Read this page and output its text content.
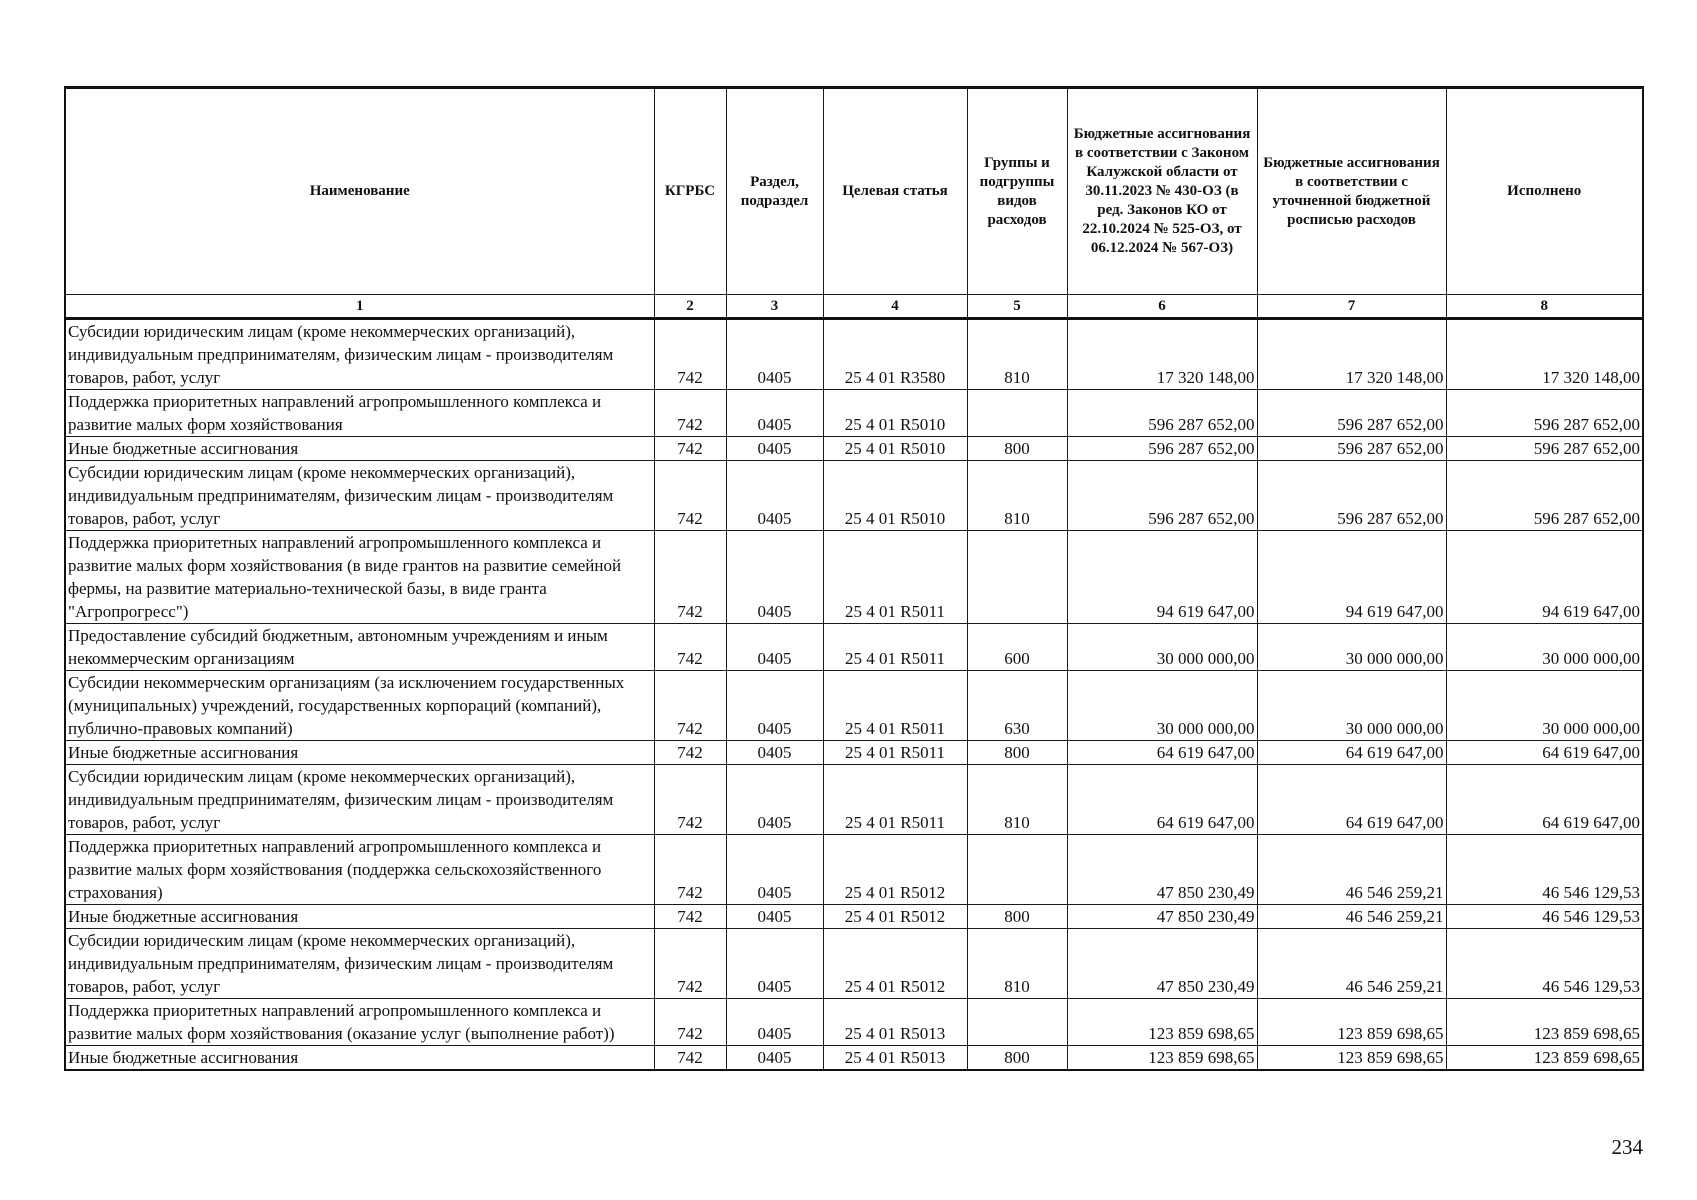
Наименование	КГРБС	Раздел, подраздел	Целевая статья	Группы и подгруппы видов расходов	Бюджетные ассигнования в соответствии с Законом Калужской области от 30.11.2023 № 430-ОЗ (в ред. Законов КО от 22.10.2024 № 525-ОЗ, от 06.12.2024 № 567-ОЗ)	Бюджетные ассигнования в соответствии с уточненной бюджетной росписью расходов	Исполнено
1	2	3	4	5	6	7	8
Субсидии юридическим лицам (кроме некоммерческих организаций), индивидуальным предпринимателям, физическим лицам - производителям товаров, работ, услуг	742	0405	25 4 01 R3580	810	17 320 148,00	17 320 148,00	17 320 148,00
Поддержка приоритетных направлений агропромышленного комплекса и развитие малых форм хозяйствования	742	0405	25 4 01 R5010		596 287 652,00	596 287 652,00	596 287 652,00
Иные бюджетные ассигнования	742	0405	25 4 01 R5010	800	596 287 652,00	596 287 652,00	596 287 652,00
Субсидии юридическим лицам (кроме некоммерческих организаций), индивидуальным предпринимателям, физическим лицам - производителям товаров, работ, услуг	742	0405	25 4 01 R5010	810	596 287 652,00	596 287 652,00	596 287 652,00
Поддержка приоритетных направлений агропромышленного комплекса и развитие малых форм хозяйствования (в виде грантов на развитие семейной фермы, на развитие материально-технической базы, в виде гранта "Агропрогресс")	742	0405	25 4 01 R5011		94 619 647,00	94 619 647,00	94 619 647,00
Предоставление субсидий бюджетным, автономным учреждениям и иным некоммерческим организациям	742	0405	25 4 01 R5011	600	30 000 000,00	30 000 000,00	30 000 000,00
Субсидии некоммерческим организациям (за исключением государственных (муниципальных) учреждений, государственных корпораций (компаний), публично-правовых компаний)	742	0405	25 4 01 R5011	630	30 000 000,00	30 000 000,00	30 000 000,00
Иные бюджетные ассигнования	742	0405	25 4 01 R5011	800	64 619 647,00	64 619 647,00	64 619 647,00
Субсидии юридическим лицам (кроме некоммерческих организаций), индивидуальным предпринимателям, физическим лицам - производителям товаров, работ, услуг	742	0405	25 4 01 R5011	810	64 619 647,00	64 619 647,00	64 619 647,00
Поддержка приоритетных направлений агропромышленного комплекса и развитие малых форм хозяйствования (поддержка сельскохозяйственного страхования)	742	0405	25 4 01 R5012		47 850 230,49	46 546 259,21	46 546 129,53
Иные бюджетные ассигнования	742	0405	25 4 01 R5012	800	47 850 230,49	46 546 259,21	46 546 129,53
Субсидии юридическим лицам (кроме некоммерческих организаций), индивидуальным предпринимателям, физическим лицам - производителям товаров, работ, услуг	742	0405	25 4 01 R5012	810	47 850 230,49	46 546 259,21	46 546 129,53
Поддержка приоритетных направлений агропромышленного комплекса и развитие малых форм хозяйствования (оказание услуг (выполнение работ))	742	0405	25 4 01 R5013		123 859 698,65	123 859 698,65	123 859 698,65
Иные бюджетные ассигнования	742	0405	25 4 01 R5013	800	123 859 698,65	123 859 698,65	123 859 698,65
234
